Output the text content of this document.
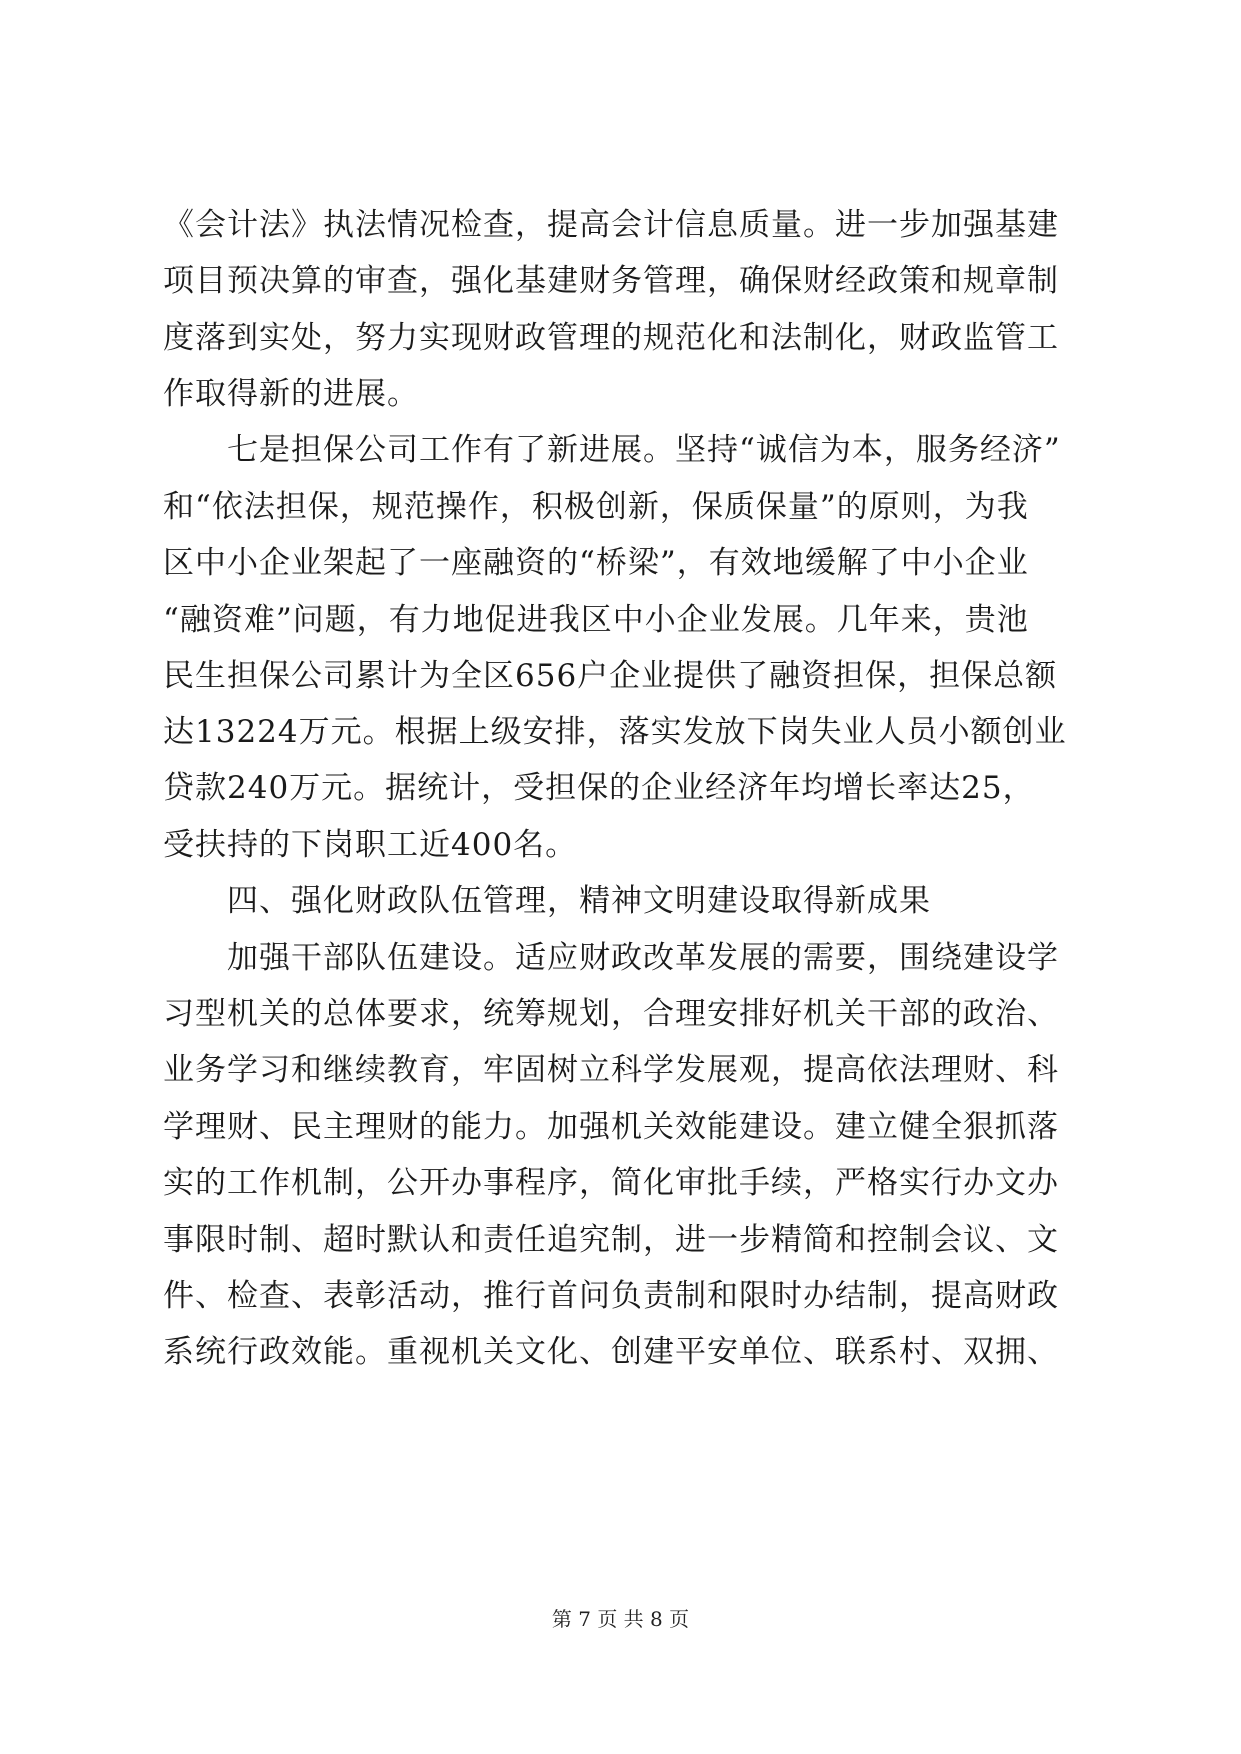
《会计法》执法情况检查，提高会计信息质量。进一步加强基建
项目预决算的审查，强化基建财务管理，确保财经政策和规章制
度落到实处，努力实现财政管理的规范化和法制化，财政监管工
作取得新的进展。
　　七是担保公司工作有了新进展。坚持“诚信为本，服务经济”
和“依法担保，规范操作，积极创新，保质保量”的原则，为我
区中小企业架起了一座融资的“桥梁”，有效地缓解了中小企业
“融资难”问题，有力地促进我区中小企业发展。几年来，贵池
民生担保公司累计为全区656户企业提供了融资担保，担保总额
达13224万元。根据上级安排，落实发放下岗失业人员小额创业
贷款240万元。据统计，受担保的企业经济年均增长率达25，
受扶持的下岗职工近400名。
　　四、强化财政队伍管理，精神文明建设取得新成果
　　加强干部队伍建设。适应财政改革发展的需要，围绕建设学
习型机关的总体要求，统筹规划，合理安排好机关干部的政治、
业务学习和继续教育，牢固树立科学发展观，提高依法理财、科
学理财、民主理财的能力。加强机关效能建设。建立健全狠抓落
实的工作机制，公开办事程序，简化审批手续，严格实行办文办
事限时制、超时默认和责任追究制，进一步精简和控制会议、文
件、检查、表彰活动，推行首问负责制和限时办结制，提高财政
系统行政效能。重视机关文化、创建平安单位、联系村、双拥、
第 7 页 共 8 页
